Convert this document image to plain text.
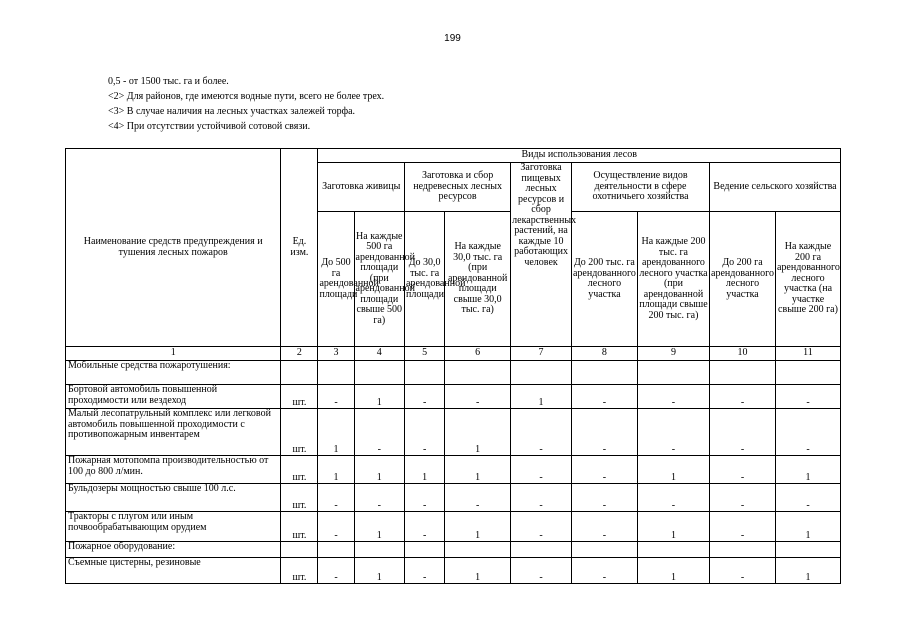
199
0,5 - от 1500 тыс. га и более.
<2> Для районов, где имеются водные пути, всего не более трех.
<3> В случае наличия на лесных участках залежей торфа.
<4> При отсутствии устойчивой сотовой связи.
Наименование средств предупреждения и тушения лесных пожаров	Ед. изм.	Виды использования лесов								
		Заготовка живицы		Заготовка и сбор недревесных лесных ресурсов		Заготовка пищевых лесных ресурсов и сбор лекарственных растений, на каждые 10 работающих человек	Осуществление видов деятельности в сфере охотничьего хозяйства		Ведение сельского хозяйства	
		До 500 га арендованной площади	На каждые 500 га арендованной площади (при арендованной площади свыше 500 га)	До 30,0 тыс. га арендованной площади	На каждые 30,0 тыс. га (при арендованной площади свыше 30,0 тыс. га)		До 200 тыс. га арендованного лесного участка	На каждые 200 тыс. га арендованного лесного участка (при арендованной площади свыше 200 тыс. га)	До 200 га арендованного лесного участка	На каждые 200 га арендованного лесного участка (на участке свыше 200 га)
1	2	3	4	5	6	7	8	9	10	11
Мобильные средства пожаротушения:										
Бортовой автомобиль повышенной проходимости или вездеход	шт.	-	1	-	-	1	-	-	-	-
Малый лесопатрульный комплекс или легковой автомобиль повышенной проходимости с противопожарным инвентарем	шт.	1	-	-	1	-	-	-	-	-
Пожарная мотопомпа производительностью от 100 до 800 л/мин.	шт.	1	1	1	1	-	-	1	-	1
Бульдозеры мощностью свыше 100 л.с.	шт.	-	-	-	-	-	-	-	-	-
Тракторы с плугом или иным почвообрабатывающим орудием	шт.	-	1	-	1	-	-	1	-	1
Пожарное оборудование:										
Съемные цистерны, резиновые	шт.	-	1	-	1	-	-	1	-	1
